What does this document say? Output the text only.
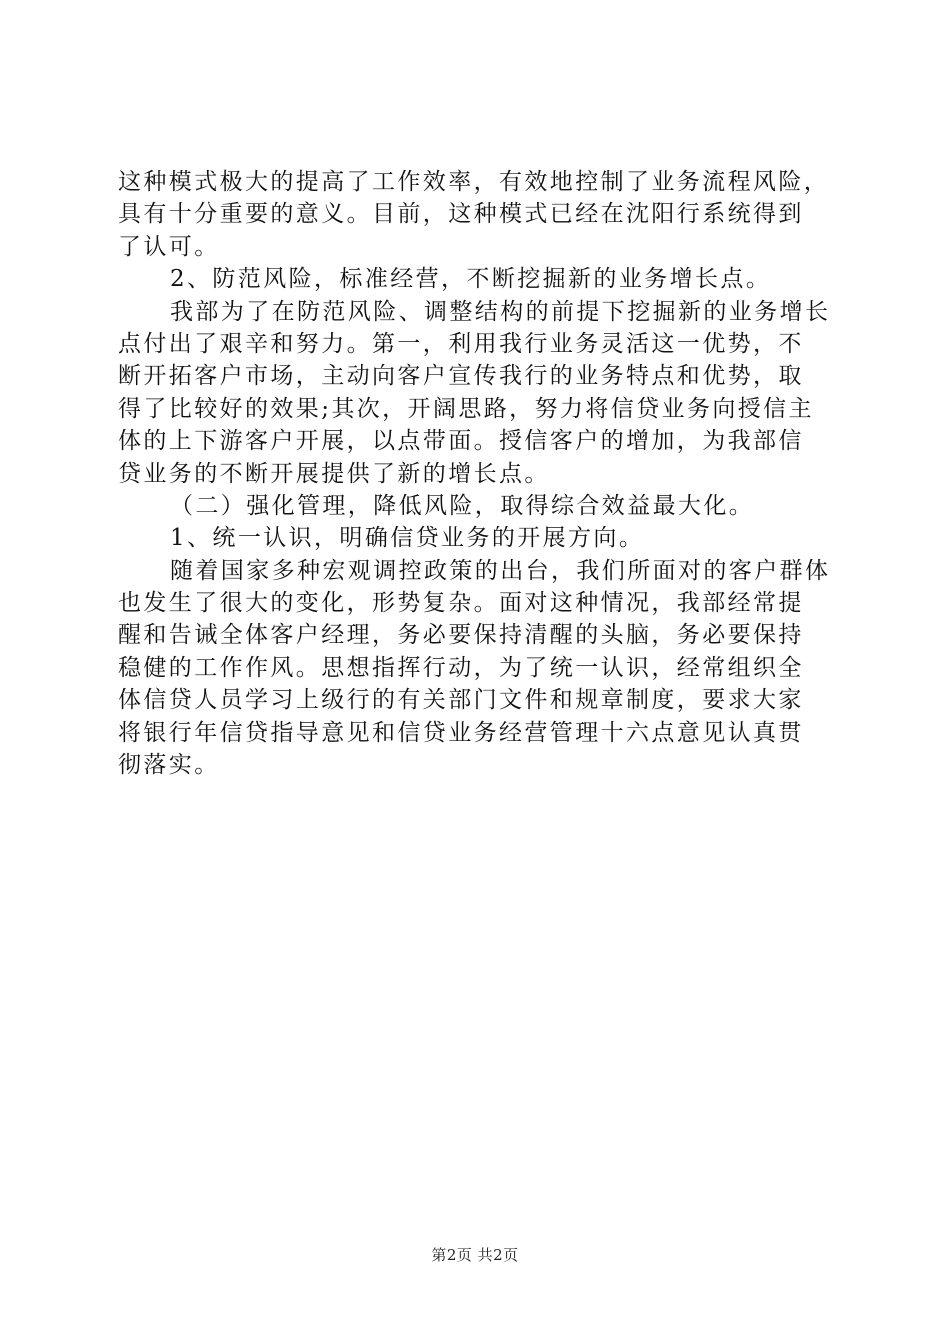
这种模式极大的提高了工作效率，有效地控制了业务流程风险，
具有十分重要的意义。目前，这种模式已经在沈阳行系统得到
了认可。
2、防范风险，标准经营，不断挖掘新的业务增长点。
我部为了在防范风险、调整结构的前提下挖掘新的业务增长
点付出了艰辛和努力。第一，利用我行业务灵活这一优势，不
断开拓客户市场，主动向客户宣传我行的业务特点和优势，取
得了比较好的效果;其次，开阔思路，努力将信贷业务向授信主
体的上下游客户开展，以点带面。授信客户的增加，为我部信
贷业务的不断开展提供了新的增长点。
（二）强化管理，降低风险，取得综合效益最大化。
1、统一认识，明确信贷业务的开展方向。
随着国家多种宏观调控政策的出台，我们所面对的客户群体
也发生了很大的变化，形势复杂。面对这种情况，我部经常提
醒和告诫全体客户经理，务必要保持清醒的头脑，务必要保持
稳健的工作作风。思想指挥行动，为了统一认识，经常组织全
体信贷人员学习上级行的有关部门文件和规章制度，要求大家
将银行年信贷指导意见和信贷业务经营管理十六点意见认真贯
彻落实。
第2页 共2页
